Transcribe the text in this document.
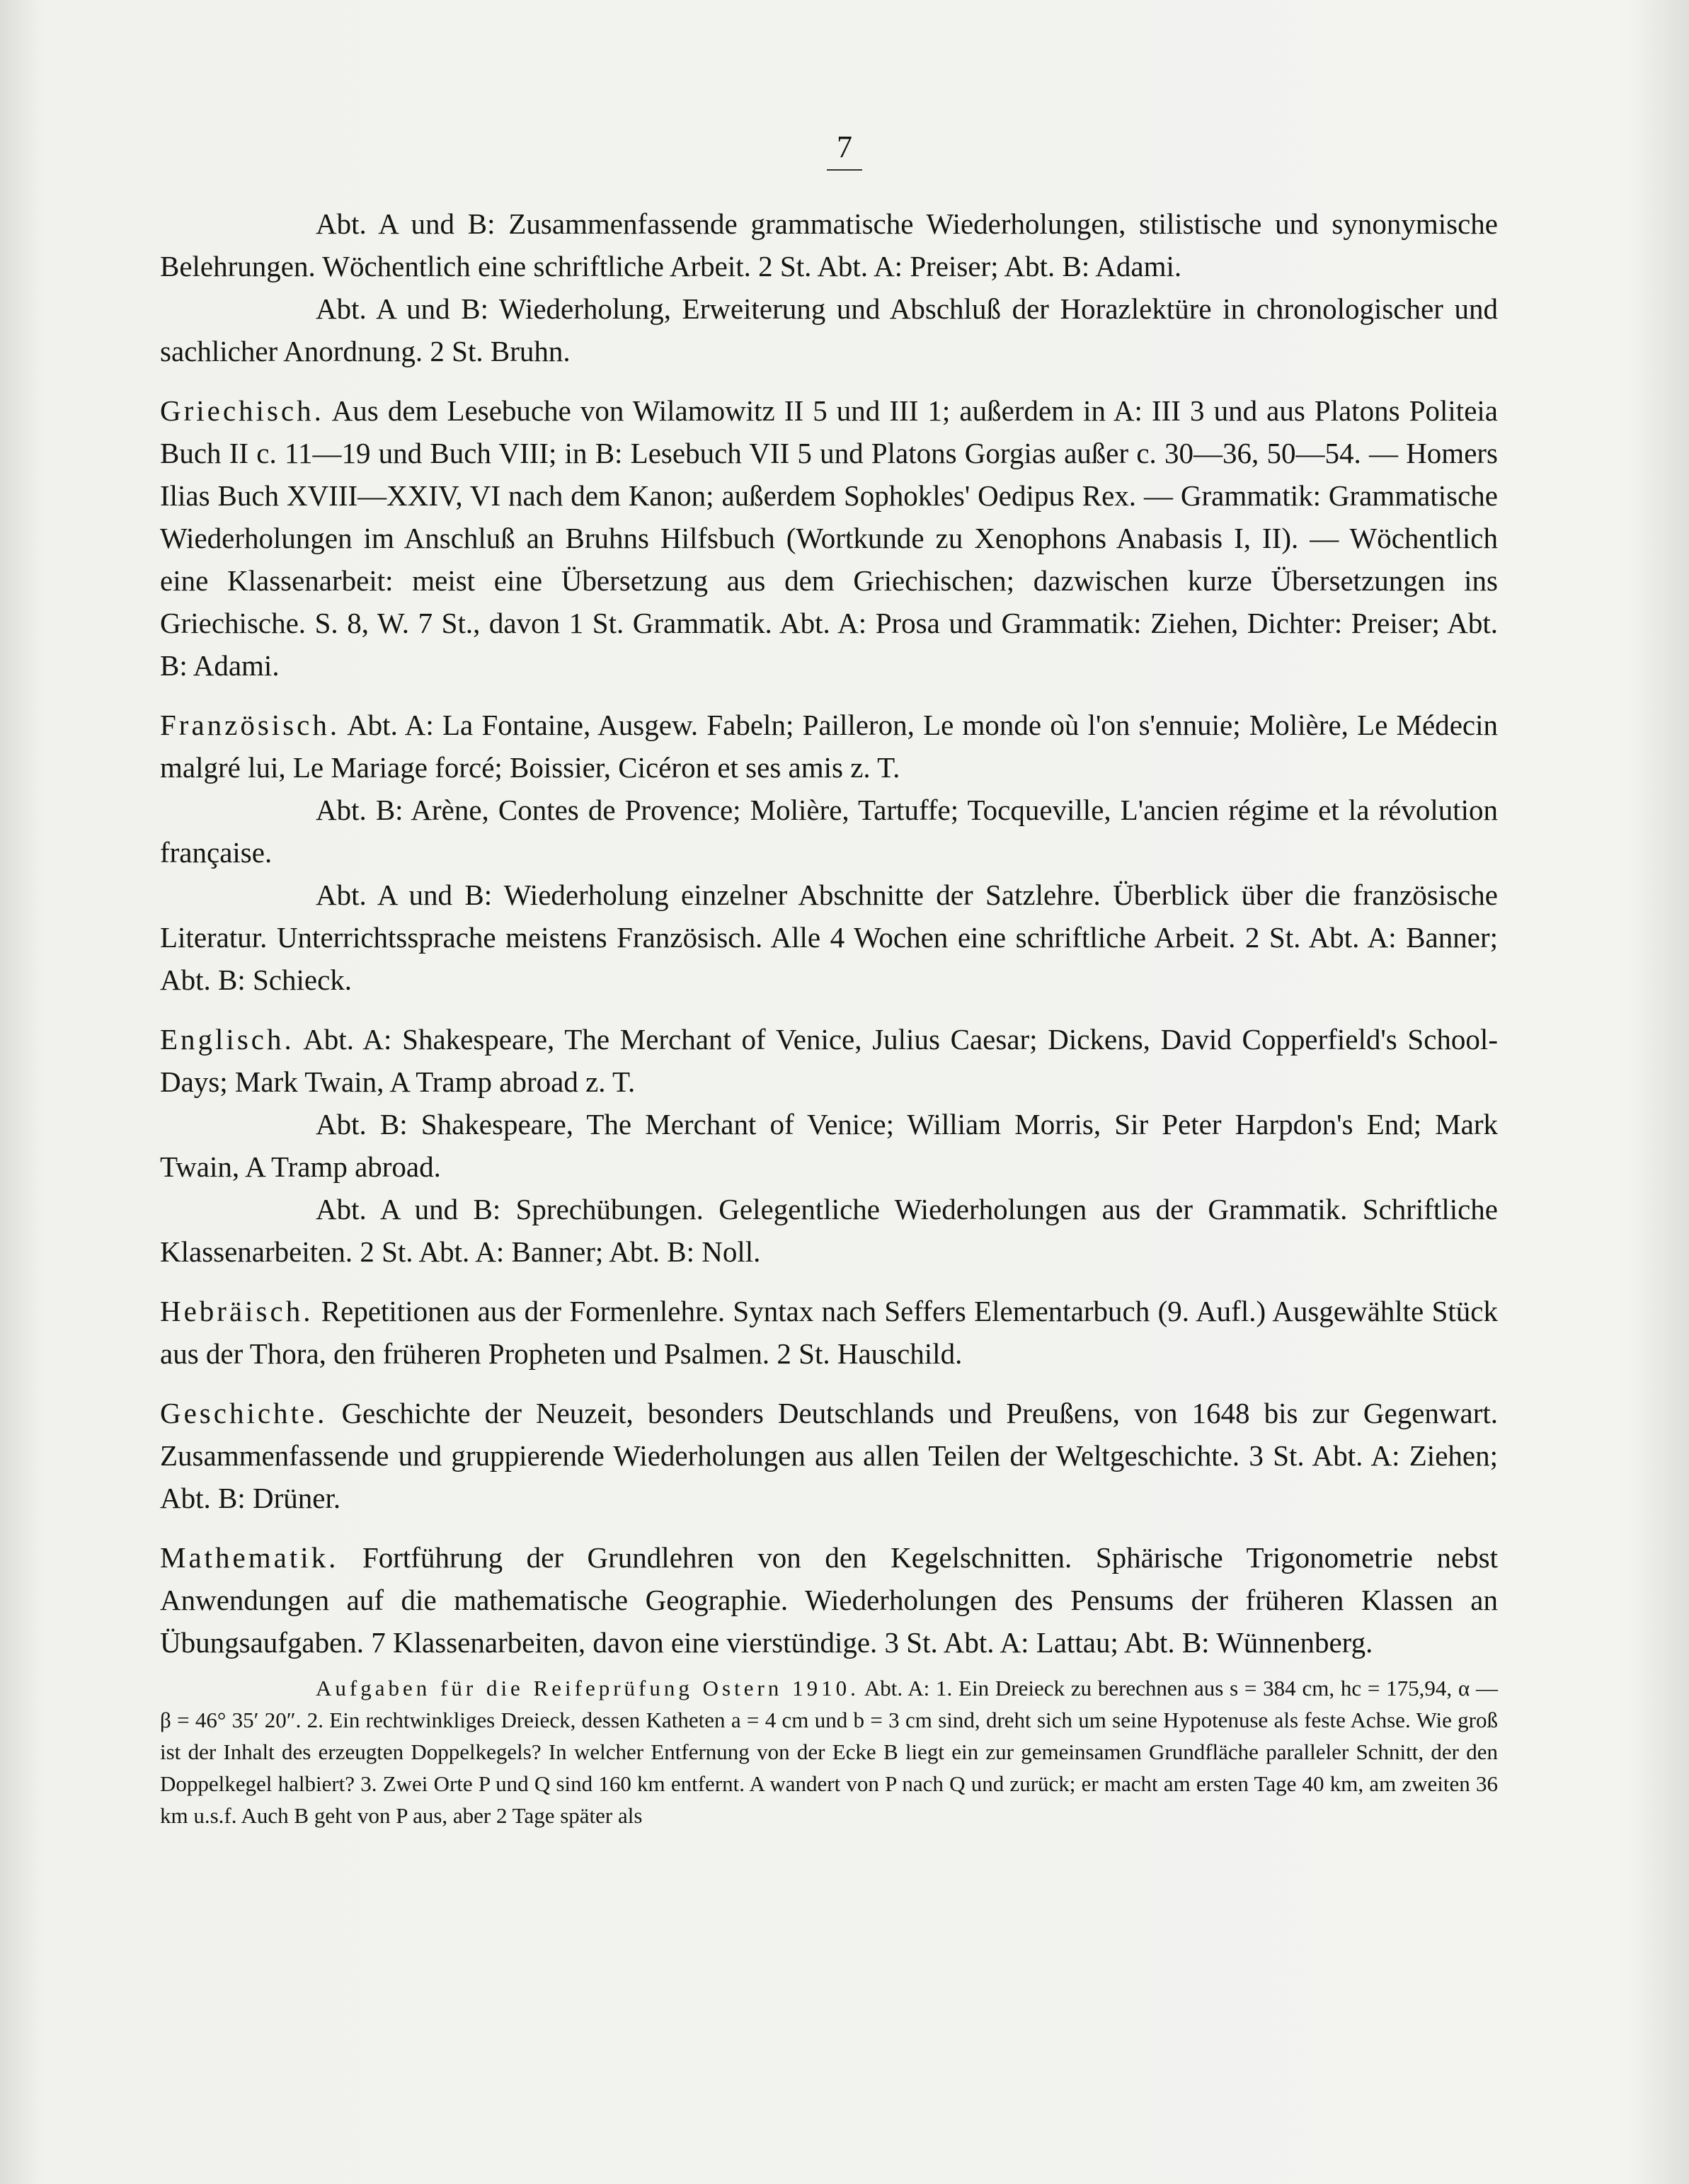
7

Abt. A und B: Zusammenfassende grammatische Wiederholungen, stilistische und synonymische Belehrungen. Wöchentlich eine schriftliche Arbeit. 2 St. Abt. A: Preiser; Abt. B: Adami.

Abt. A und B: Wiederholung, Erweiterung und Abschluß der Horazlektüre in chronologischer und sachlicher Anordnung. 2 St. Bruhn.

Griechisch. Aus dem Lesebuche von Wilamowitz II 5 und III 1; außerdem in A: III 3 und aus Platons Politeia Buch II c. 11—19 und Buch VIII; in B: Lesebuch VII 5 und Platons Gorgias außer c. 30—36, 50—54. — Homers Ilias Buch XVIII—XXIV, VI nach dem Kanon; außerdem Sophokles' Oedipus Rex. — Grammatik: Grammatische Wiederholungen im Anschluß an Bruhns Hilfsbuch (Wortkunde zu Xenophons Anabasis I, II). — Wöchentlich eine Klassenarbeit: meist eine Übersetzung aus dem Griechischen; dazwischen kurze Übersetzungen ins Griechische. S. 8, W. 7 St., davon 1 St. Grammatik. Abt. A: Prosa und Grammatik: Ziehen, Dichter: Preiser; Abt. B: Adami.

Französisch. Abt. A: La Fontaine, Ausgew. Fabeln; Pailleron, Le monde où l'on s'ennuie; Molière, Le Médecin malgré lui, Le Mariage forcé; Boissier, Cicéron et ses amis z. T.

Abt. B: Arène, Contes de Provence; Molière, Tartuffe; Tocqueville, L'ancien régime et la révolution française.

Abt. A und B: Wiederholung einzelner Abschnitte der Satzlehre. Überblick über die französische Literatur. Unterrichtssprache meistens Französisch. Alle 4 Wochen eine schriftliche Arbeit. 2 St. Abt. A: Banner; Abt. B: Schieck.

Englisch. Abt. A: Shakespeare, The Merchant of Venice, Julius Caesar; Dickens, David Copperfield's School-Days; Mark Twain, A Tramp abroad z. T.

Abt. B: Shakespeare, The Merchant of Venice; William Morris, Sir Peter Harpdon's End; Mark Twain, A Tramp abroad.

Abt. A und B: Sprechübungen. Gelegentliche Wiederholungen aus der Grammatik. Schriftliche Klassenarbeiten. 2 St. Abt. A: Banner; Abt. B: Noll.

Hebräisch. Repetitionen aus der Formenlehre. Syntax nach Seffers Elementarbuch (9. Aufl.) Ausgewählte Stück aus der Thora, den früheren Propheten und Psalmen. 2 St. Hauschild.

Geschichte. Geschichte der Neuzeit, besonders Deutschlands und Preußens, von 1648 bis zur Gegenwart. Zusammenfassende und gruppierende Wiederholungen aus allen Teilen der Weltgeschichte. 3 St. Abt. A: Ziehen; Abt. B: Drüner.

Mathematik. Fortführung der Grundlehren von den Kegelschnitten. Sphärische Trigonometrie nebst Anwendungen auf die mathematische Geographie. Wiederholungen des Pensums der früheren Klassen an Übungsaufgaben. 7 Klassenarbeiten, davon eine vierstündige. 3 St. Abt. A: Lattau; Abt. B: Wünnenberg.

Aufgaben für die Reifeprüfung Ostern 1910. Abt. A: 1. Ein Dreieck zu berechnen aus s = 384 cm, hc = 175,94, α — β = 46° 35′ 20″. 2. Ein rechtwinkliges Dreieck, dessen Katheten a = 4 cm und b = 3 cm sind, dreht sich um seine Hypotenuse als feste Achse. Wie groß ist der Inhalt des erzeugten Doppelkegels? In welcher Entfernung von der Ecke B liegt ein zur gemeinsamen Grundfläche paralleler Schnitt, der den Doppelkegel halbiert? 3. Zwei Orte P und Q sind 160 km entfernt. A wandert von P nach Q und zurück; er macht am ersten Tage 40 km, am zweiten 36 km u.s.f. Auch B geht von P aus, aber 2 Tage später als
